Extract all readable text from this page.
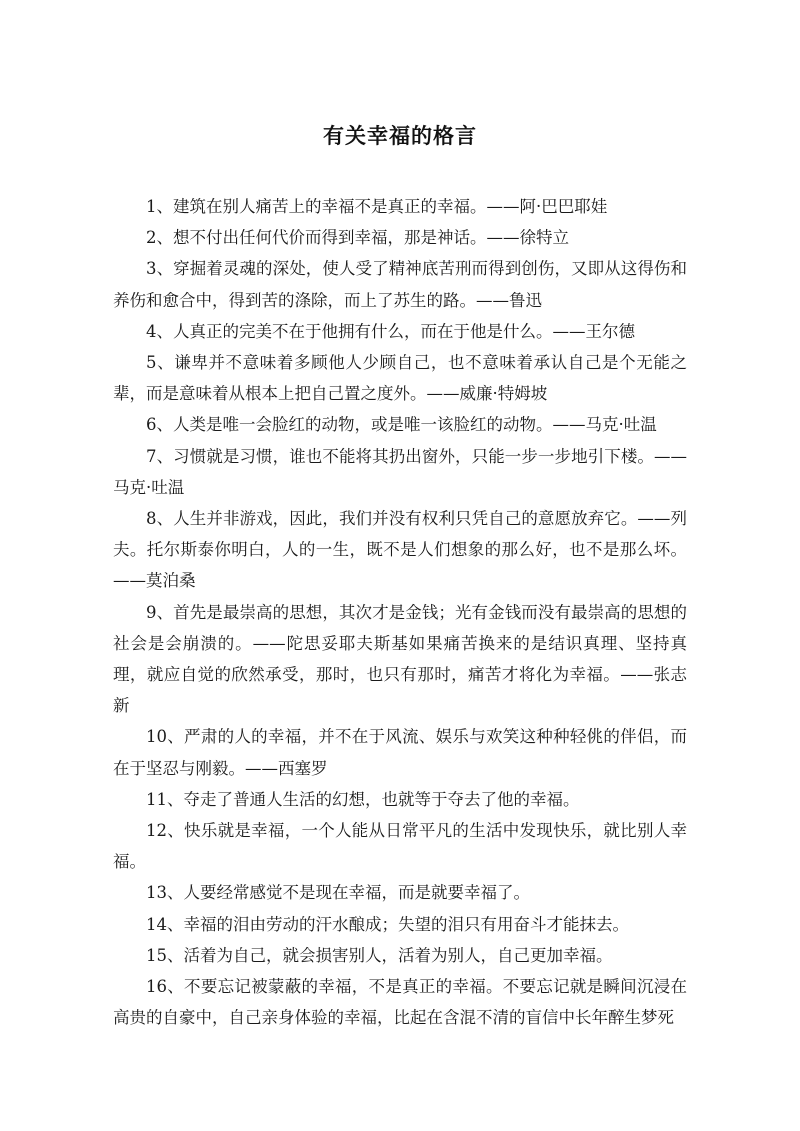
有关幸福的格言

1、建筑在别人痛苦上的幸福不是真正的幸福。——阿·巴巴耶娃

2、想不付出任何代价而得到幸福，那是神话。——徐特立

3、穿掘着灵魂的深处，使人受了精神底苦刑而得到创伤，又即从这得伤和养伤和愈合中，得到苦的涤除，而上了苏生的路。——鲁迅

4、人真正的完美不在于他拥有什么，而在于他是什么。——王尔德

5、谦卑并不意味着多顾他人少顾自己，也不意味着承认自己是个无能之辈，而是意味着从根本上把自己置之度外。——威廉·特姆坡

6、人类是唯一会脸红的动物，或是唯一该脸红的动物。——马克·吐温

7、习惯就是习惯，谁也不能将其扔出窗外，只能一步一步地引下楼。——马克·吐温

8、人生并非游戏，因此，我们并没有权利只凭自己的意愿放弃它。——列夫。托尔斯泰你明白，人的一生，既不是人们想象的那么好，也不是那么坏。——莫泊桑

9、首先是最崇高的思想，其次才是金钱；光有金钱而没有最崇高的思想的社会是会崩溃的。——陀思妥耶夫斯基如果痛苦换来的是结识真理、坚持真理，就应自觉的欣然承受，那时，也只有那时，痛苦才将化为幸福。——张志新

10、严肃的人的幸福，并不在于风流、娱乐与欢笑这种种轻佻的伴侣，而在于坚忍与刚毅。——西塞罗

11、夺走了普通人生活的幻想，也就等于夺去了他的幸福。

12、快乐就是幸福，一个人能从日常平凡的生活中发现快乐，就比别人幸福。

13、人要经常感觉不是现在幸福，而是就要幸福了。

14、幸福的泪由劳动的汗水酿成；失望的泪只有用奋斗才能抹去。

15、活着为自己，就会损害别人，活着为别人，自己更加幸福。

16、不要忘记被蒙蔽的幸福，不是真正的幸福。不要忘记就是瞬间沉浸在高贵的自豪中，自己亲身体验的幸福，比起在含混不清的盲信中长年醉生梦死
